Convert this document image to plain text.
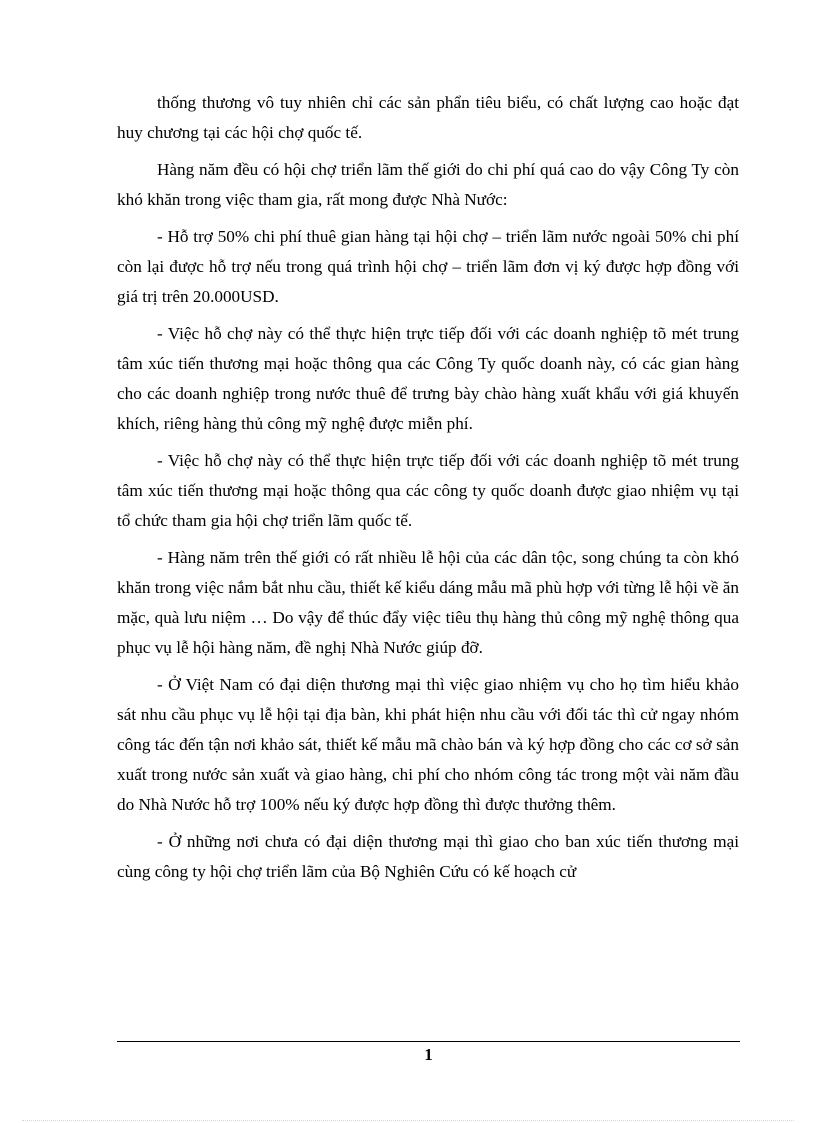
thống thương vô tuy nhiên chỉ các sản phẩn tiêu biểu, có chất lượng cao hoặc đạt huy chương tại các hội chợ quốc tế.

Hàng năm đều có hội chợ triển lãm thế giới do chi phí quá cao do vậy Công Ty còn khó khăn trong việc tham gia, rất mong được Nhà Nước:

- Hỗ trợ 50% chi phí thuê gian hàng tại hội chợ – triển lãm nước ngoài 50% chi phí còn lại được hỗ trợ nếu trong quá trình hội chợ – triển lãm đơn vị ký được hợp đồng với giá trị trên 20.000USD.

- Việc hỗ chợ này có thể thực hiện trực tiếp đối với các doanh nghiệp tõ mét trung tâm xúc tiến thương mại hoặc thông qua các Công Ty quốc doanh này, có các gian hàng cho các doanh nghiệp trong nước thuê để trưng bày chào hàng xuất khẩu với giá khuyến khích, riêng hàng thủ công mỹ nghệ được miễn phí.

- Việc hỗ chợ này có thể thực hiện trực tiếp đối với các doanh nghiệp tõ mét trung tâm xúc tiến thương mại hoặc thông qua các công ty quốc doanh được giao nhiệm vụ tại tổ chức tham gia hội chợ triển lãm quốc tế.

- Hàng năm trên thế giới có rất nhiều lễ hội của các dân tộc, song chúng ta còn khó khăn trong việc nắm bắt nhu cầu, thiết kế kiểu dáng mẫu mã phù hợp với từng lễ hội về ăn mặc, quà lưu niệm … Do vậy để thúc đẩy việc tiêu thụ hàng thủ công mỹ nghệ thông qua phục vụ lễ hội hàng năm, đề nghị Nhà Nước giúp đỡ.

- Ở Việt Nam có đại diện thương mại thì việc giao nhiệm vụ cho họ tìm hiểu khảo sát nhu cầu phục vụ lễ hội tại địa bàn, khi phát hiện nhu cầu với đối tác thì cử ngay nhóm công tác đến tận nơi khảo sát, thiết kế mẫu mã chào bán và ký hợp đồng cho các cơ sở sản xuất trong nước sản xuất và giao hàng, chi phí cho nhóm công tác trong một vài năm đầu do Nhà Nước hỗ trợ 100% nếu ký được hợp đồng thì được thưởng thêm.

- Ở những nơi chưa có đại diện thương mại thì giao cho ban xúc tiến thương mại cùng công ty hội chợ triển lãm của Bộ Nghiên Cứu có kế hoạch cử

1
